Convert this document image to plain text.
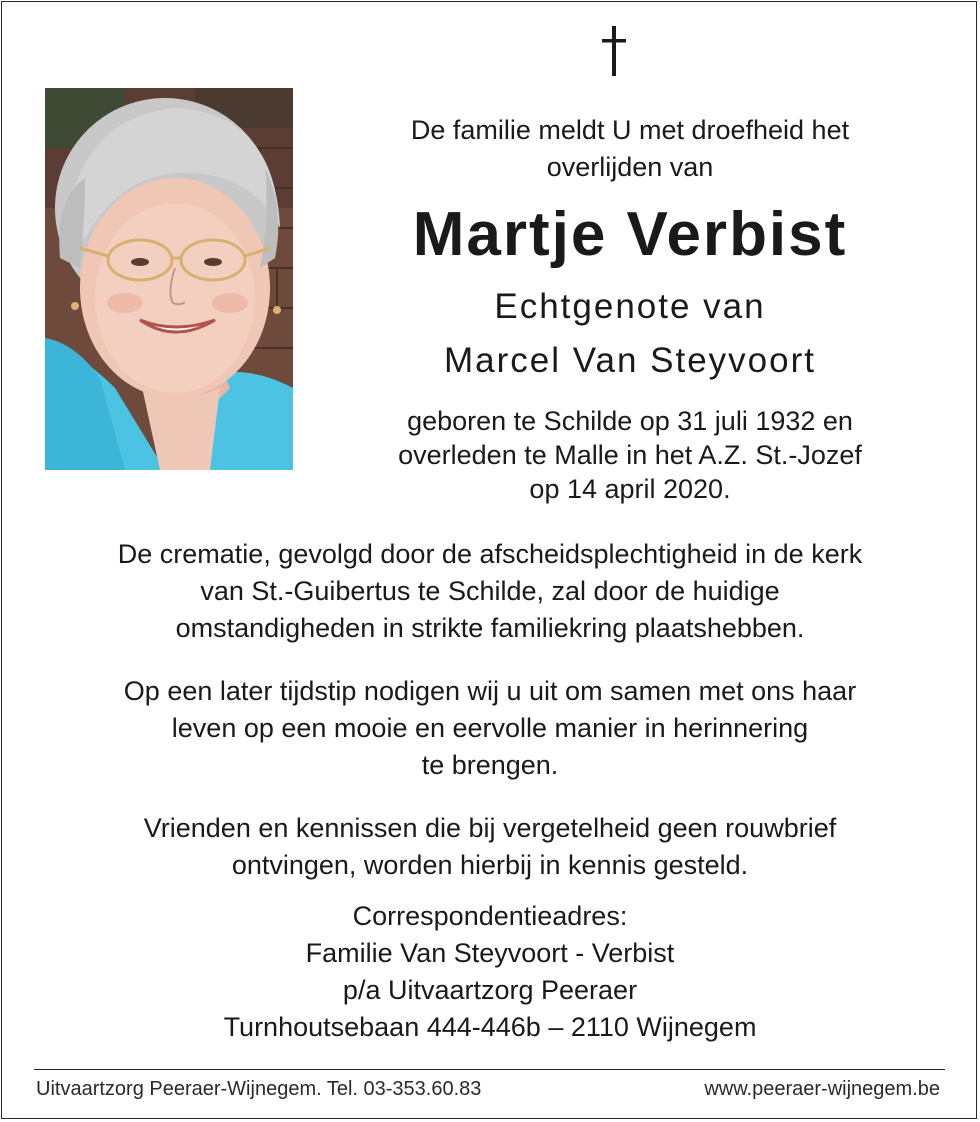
De familie meldt U met droefheid het
overlijden van

Martje Verbist

Echtgenote van
Marcel Van Steyvoort

geboren te Schilde op 31 juli 1932 en
overleden te Malle in het A.Z. St.-Jozef
op 14 april 2020.

De crematie, gevolgd door de afscheidsplechtigheid in de kerk
van St.-Guibertus te Schilde, zal door de huidige
omstandigheden in strikte familiekring plaatshebben.

Op een later tijdstip nodigen wij u uit om samen met ons haar
leven op een mooie en eervolle manier in herinnering
te brengen.

Vrienden en kennissen die bij vergetelheid geen rouwbrief
ontvingen, worden hierbij in kennis gesteld.

Correspondentieadres:
Familie Van Steyvoort - Verbist
p/a Uitvaartzorg Peeraer
Turnhoutsebaan 444-446b – 2110 Wijnegem
Uitvaartzorg Peeraer-Wijnegem. Tel. 03-353.60.83	www.peeraer-wijnegem.be
